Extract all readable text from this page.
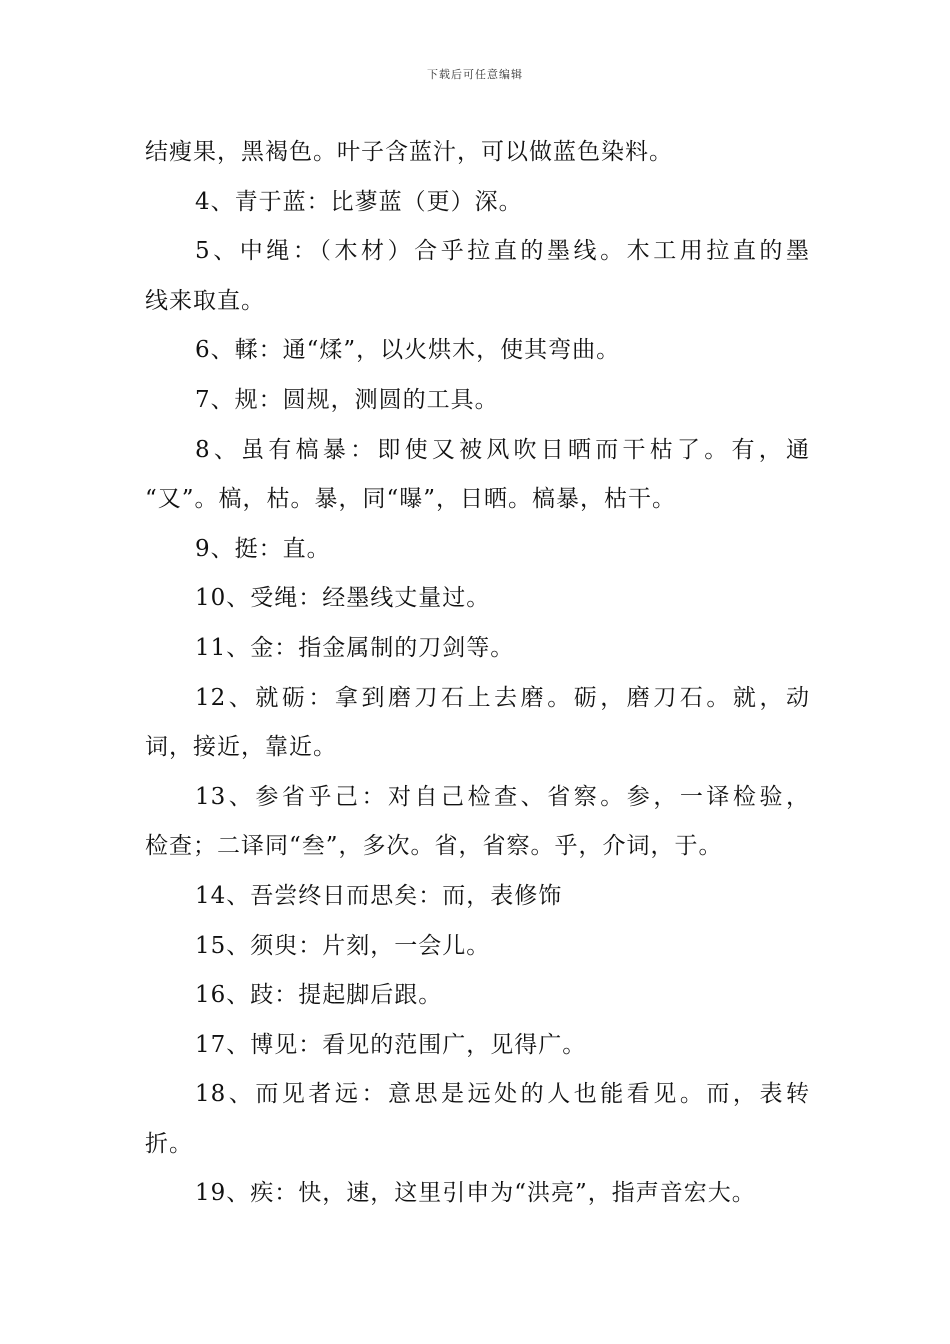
下载后可任意编辑
结瘦果，黑褐色。叶子含蓝汁，可以做蓝色染料。
4、青于蓝：比蓼蓝（更）深。
5、中绳：（木材）合乎拉直的墨线。木工用拉直的墨
线来取直。
6、輮：通“煣”，以火烘木，使其弯曲。
7、规：圆规，测圆的工具。
8、虽有槁暴：即使又被风吹日晒而干枯了。有，通
“又”。槁，枯。暴，同“曝”，日晒。槁暴，枯干。
9、挺：直。
10、受绳：经墨线丈量过。
11、金：指金属制的刀剑等。
12、就砺：拿到磨刀石上去磨。砺，磨刀石。就，动
词，接近，靠近。
13、参省乎己：对自己检查、省察。参，一译检验，
检查；二译同“叁”，多次。省，省察。乎，介词，于。
14、吾尝终日而思矣：而，表修饰
15、须臾：片刻，一会儿。
16、跂：提起脚后跟。
17、博见：看见的范围广，见得广。
18、而见者远：意思是远处的人也能看见。而，表转
折。
19、疾：快，速，这里引申为“洪亮”，指声音宏大。
